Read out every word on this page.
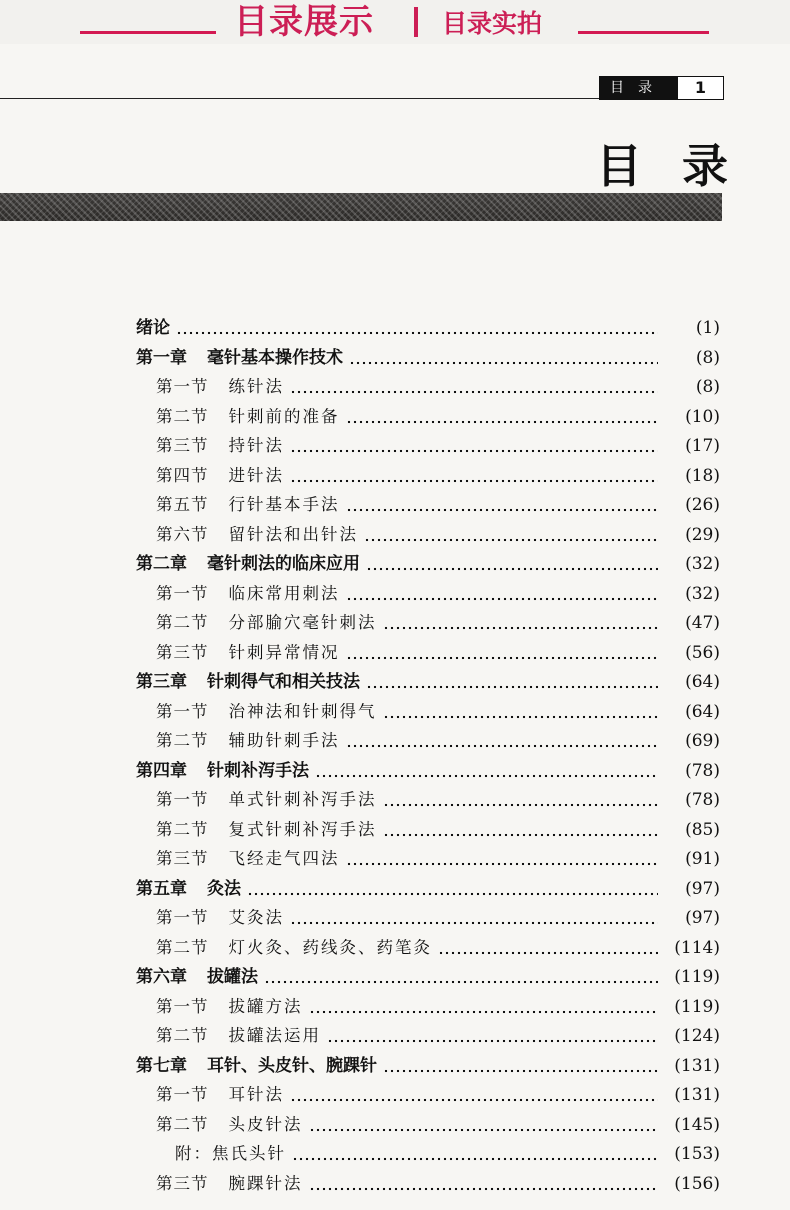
目录展示	目录实拍
目录	1
目录
绪论	(1)
第一章 毫针基本操作技术	(8)
第一节 练针法	(8)
第二节 针刺前的准备	(10)
第三节 持针法	(17)
第四节 进针法	(18)
第五节 行针基本手法	(26)
第六节 留针法和出针法	(29)
第二章 毫针刺法的临床应用	(32)
第一节 临床常用刺法	(32)
第二节 分部腧穴毫针刺法	(47)
第三节 针刺异常情况	(56)
第三章 针刺得气和相关技法	(64)
第一节 治神法和针刺得气	(64)
第二节 辅助针刺手法	(69)
第四章 针刺补泻手法	(78)
第一节 单式针刺补泻手法	(78)
第二节 复式针刺补泻手法	(85)
第三节 飞经走气四法	(91)
第五章 灸法	(97)
第一节 艾灸法	(97)
第二节 灯火灸、药线灸、药笔灸	(114)
第六章 拔罐法	(119)
第一节 拔罐方法	(119)
第二节 拔罐法运用	(124)
第七章 耳针、头皮针、腕踝针	(131)
第一节 耳针法	(131)
第二节 头皮针法	(145)
附：焦氏头针	(153)
第三节 腕踝针法	(156)
